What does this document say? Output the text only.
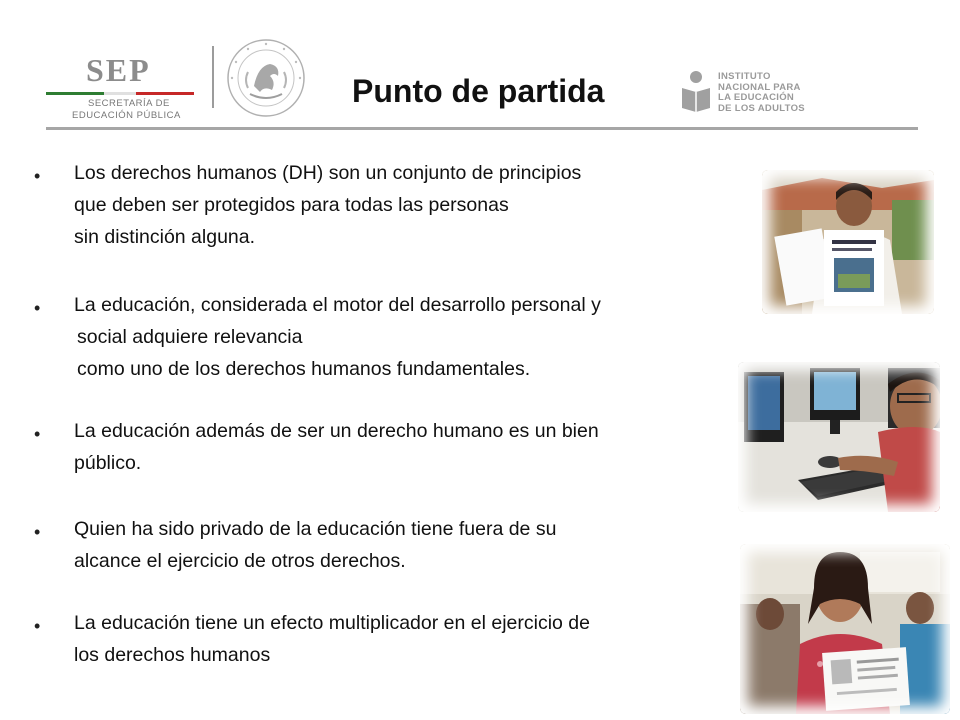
SEP
SECRETARÍA DE
EDUCACIÓN PÚBLICA
Punto de partida	INSTITUTO
NACIONAL PARA
LA EDUCACIÓN
DE LOS ADULTOS
• Los derechos humanos (DH) son un conjunto de principios
que deben ser protegidos para todas las personas
sin distinción alguna.
• La educación, considerada el motor del desarrollo personal y
social adquiere relevancia
como uno de los derechos humanos fundamentales.
• La educación además de ser un derecho humano es un bien
público.
• Quien ha sido privado de la educación tiene fuera de su
alcance el ejercicio de otros derechos.
• La educación tiene un efecto multiplicador en el ejercicio de
los derechos humanos
